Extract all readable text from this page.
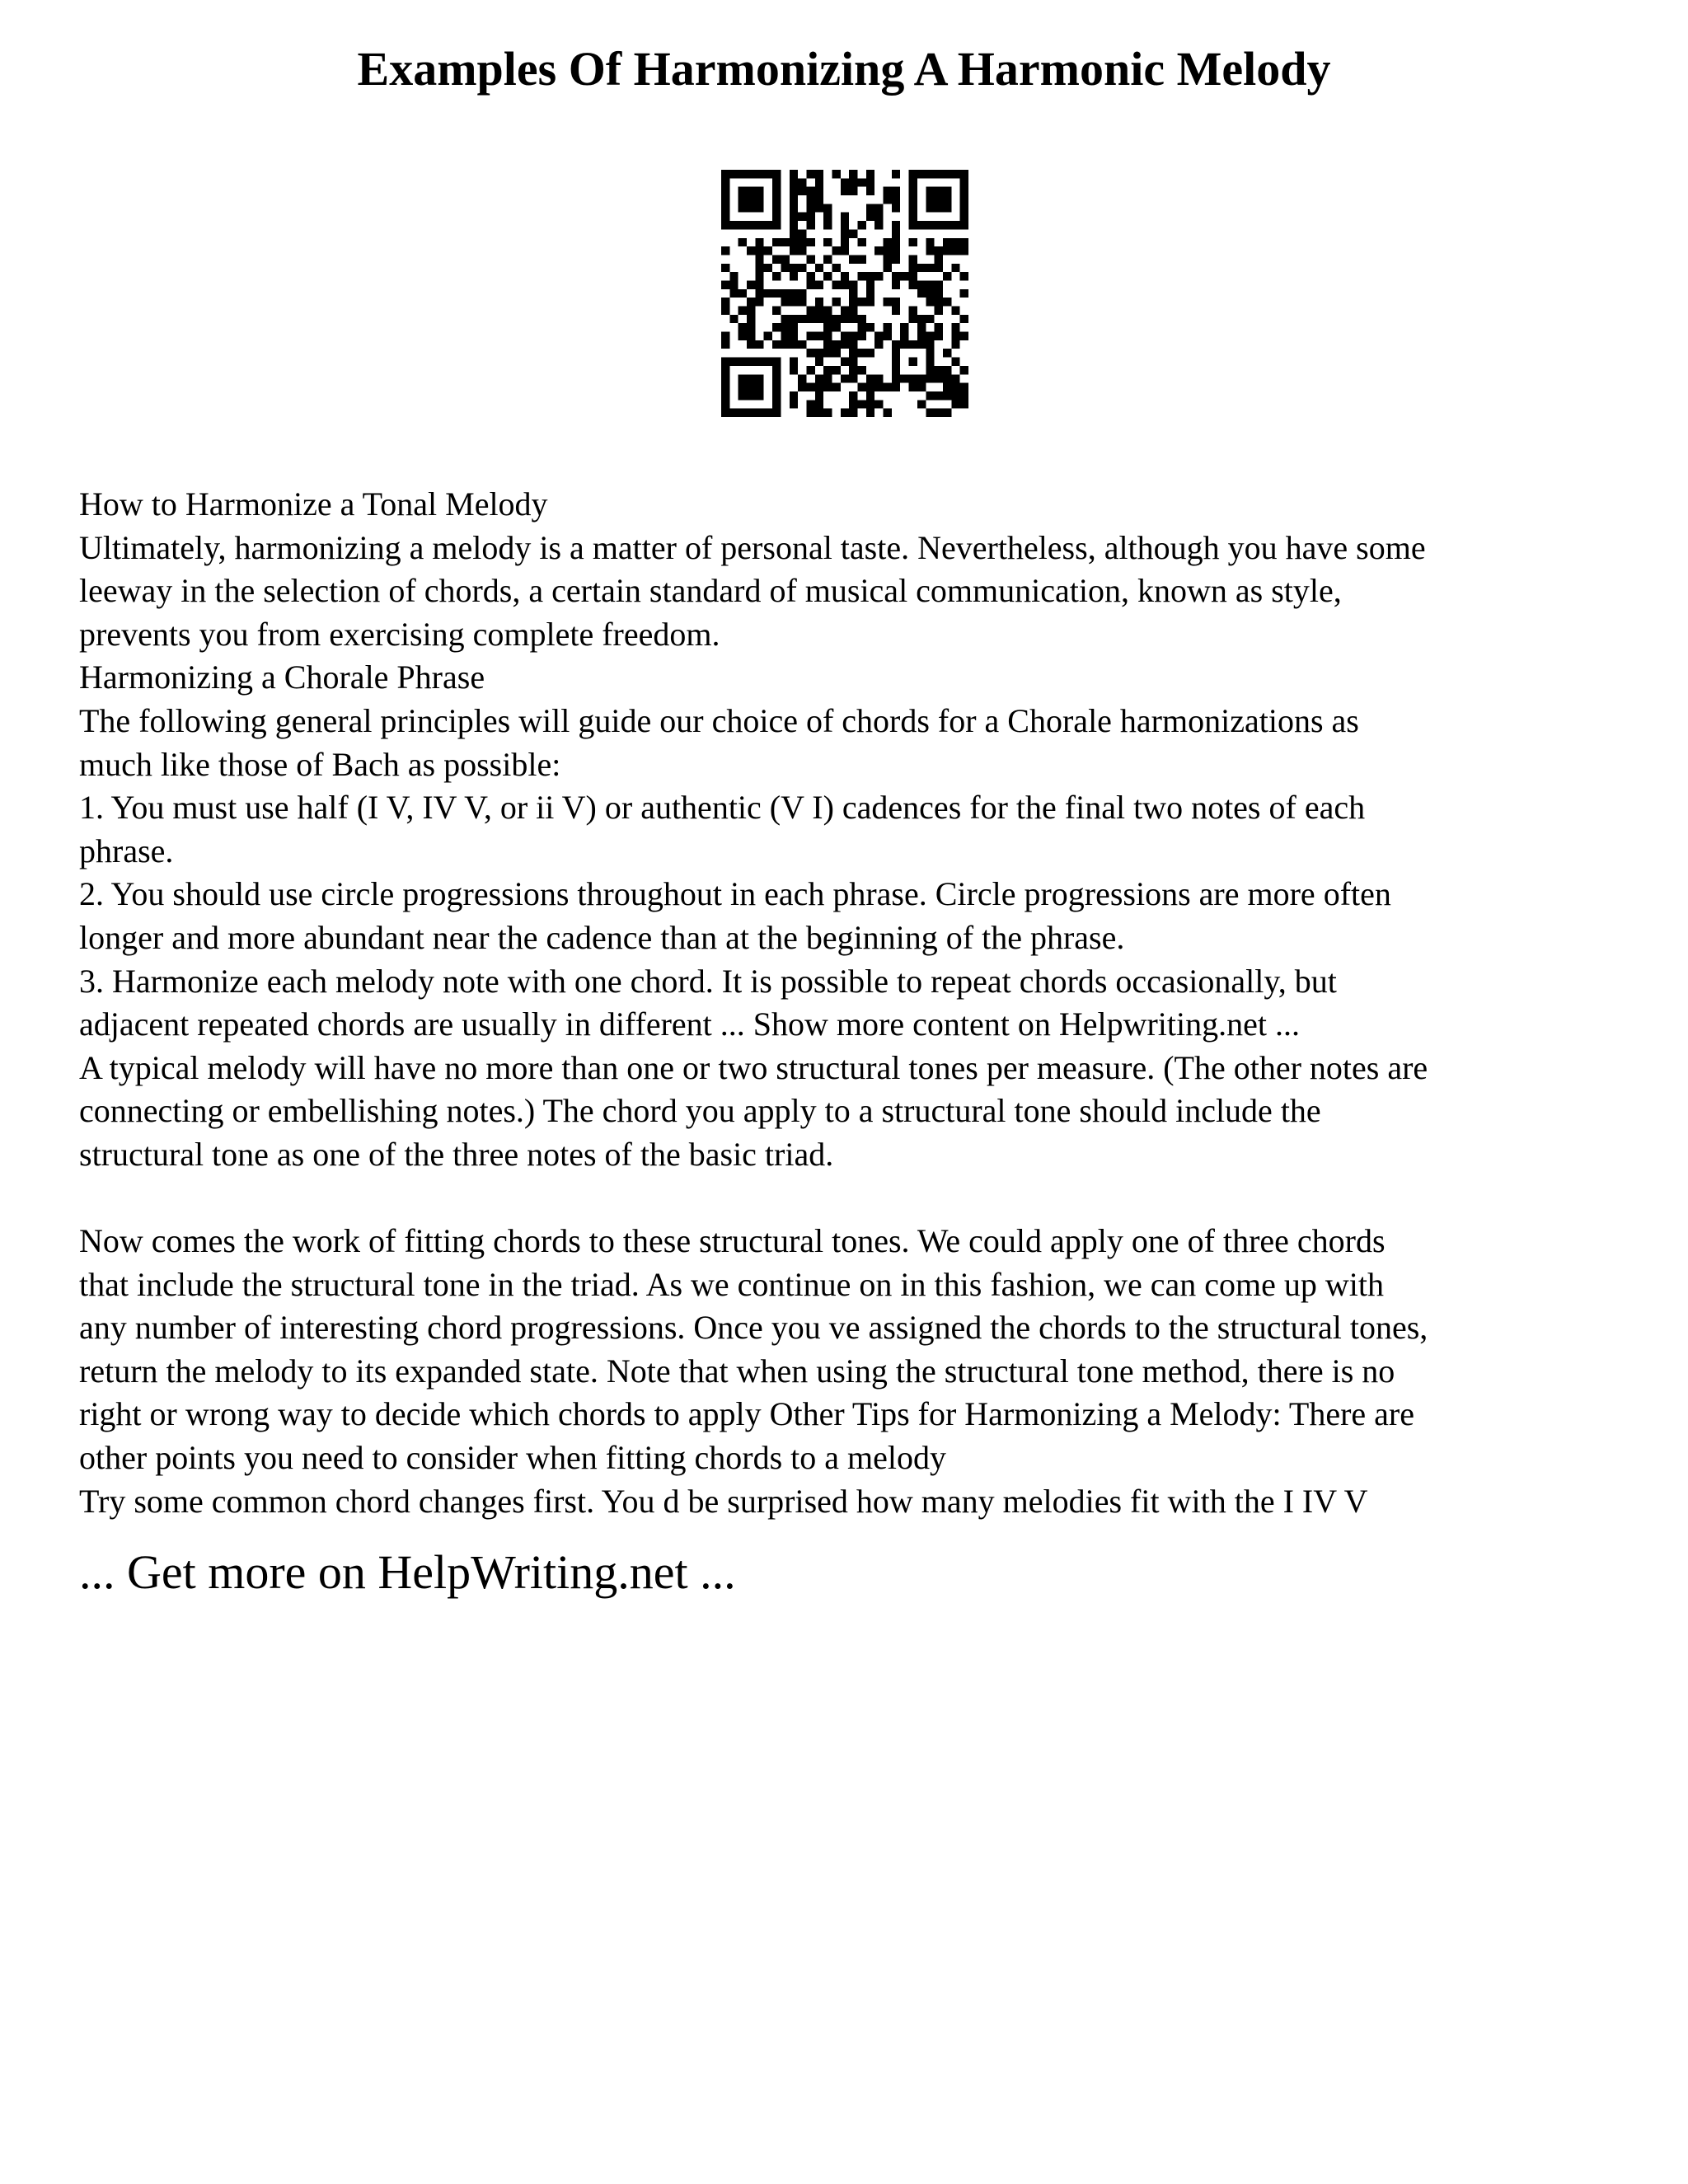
Examples Of Harmonizing A Harmonic Melody

How to Harmonize a Tonal Melody

Ultimately, harmonizing a melody is a matter of personal taste. Nevertheless, although you have some

leeway in the selection of chords, a certain standard of musical communication, known as style,

prevents you from exercising complete freedom.

Harmonizing a Chorale Phrase

The following general principles will guide our choice of chords for a Chorale harmonizations as

much like those of Bach as possible:

1. You must use half (I V, IV V, or ii V) or authentic (V I) cadences for the final two notes of each

phrase.

2. You should use circle progressions throughout in each phrase. Circle progressions are more often

longer and more abundant near the cadence than at the beginning of the phrase.

3. Harmonize each melody note with one chord. It is possible to repeat chords occasionally, but

adjacent repeated chords are usually in different ... Show more content on Helpwriting.net ...

A typical melody will have no more than one or two structural tones per measure. (The other notes are

connecting or embellishing notes.) The chord you apply to a structural tone should include the

structural tone as one of the three notes of the basic triad.

Now comes the work of fitting chords to these structural tones. We could apply one of three chords

that include the structural tone in the triad. As we continue on in this fashion, we can come up with

any number of interesting chord progressions. Once you ve assigned the chords to the structural tones,

return the melody to its expanded state. Note that when using the structural tone method, there is no

right or wrong way to decide which chords to apply Other Tips for Harmonizing a Melody: There are

other points you need to consider when fitting chords to a melody

Try some common chord changes first. You d be surprised how many melodies fit with the I IV V

... Get more on HelpWriting.net ...
